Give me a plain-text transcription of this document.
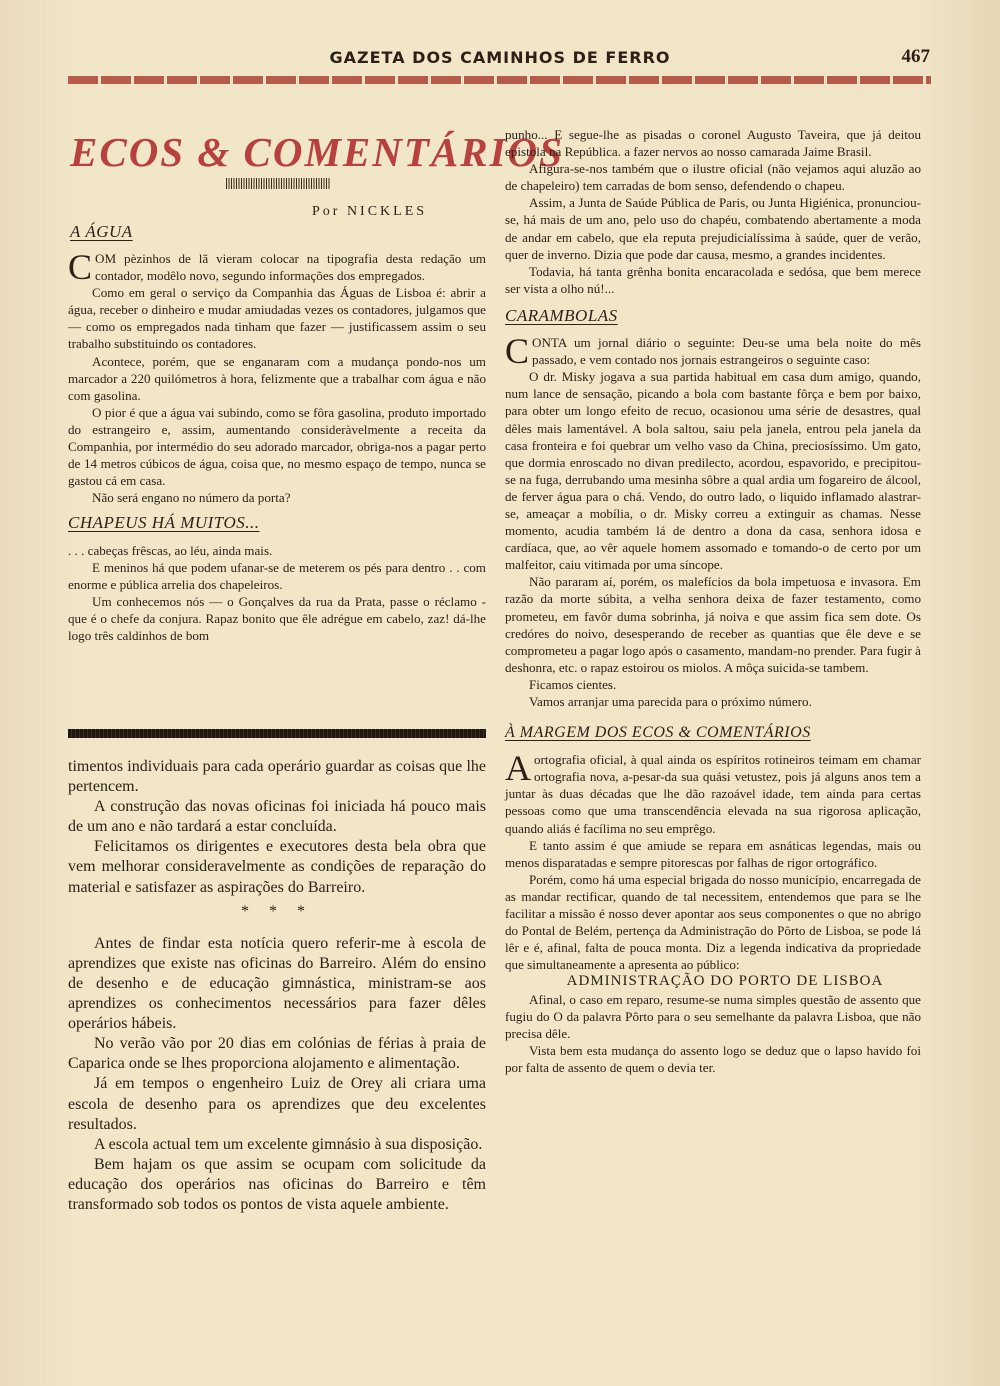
GAZETA DOS CAMINHOS DE FERRO	467
ECOS & COMENTÁRIOS
Por NICKLES
A ÁGUA

COM pèzinhos de lã vieram colocar na tipografia desta redação um contador, modêlo novo, segundo informações dos empregados.

Como em geral o serviço da Companhia das Águas de Lisboa é: abrir a água, receber o dinheiro e mudar amiudadas vezes os contadores, julgamos que — como os empregados nada tinham que fazer — justificassem assim o seu trabalho substituindo os contadores.

Acontece, porém, que se enganaram com a mudança pondo-nos um marcador a 220 quilómetros à hora, felizmente que a trabalhar com água e não com gasolina.

O pior é que a água vai subindo, como se fôra gasolina, produto importado do estrangeiro e, assim, aumentando consideràvelmente a receita da Companhia, por intermédio do seu adorado marcador, obriga-nos a pagar perto de 14 metros cúbicos de água, coisa que, no mesmo espaço de tempo, nunca se gastou cá em casa.

Não será engano no número da porta?

CHAPEUS HÁ MUITOS...

. . . cabeças frêscas, ao léu, ainda mais.

E meninos há que podem ufanar-se de meterem os pés para dentro . . com enorme e pública arrelia dos chapeleiros.

Um conhecemos nós — o Gonçalves da rua da Prata, passe o réclamo - que é o chefe da conjura. Rapaz bonito que êle adrégue em cabelo, zaz! dá-lhe logo três caldinhos de bom

timentos individuais para cada operário guardar as coisas que lhe pertencem.

A construção das novas oficinas foi iniciada há pouco mais de um ano e não tardará a estar concluída.

Felicitamos os dirigentes e executores desta bela obra que vem melhorar consideravelmente as condições de reparação do material e satisfazer as aspirações do Barreiro.

* * *

Antes de findar esta notícia quero referir-me à escola de aprendizes que existe nas oficinas do Barreiro. Além do ensino de desenho e de educação gimnástica, ministram-se aos aprendizes os conhecimentos necessários para fazer dêles operários hábeis.

No verão vão por 20 dias em colónias de férias à praia de Caparica onde se lhes proporciona alojamento e alimentação.

Já em tempos o engenheiro Luiz de Orey ali criara uma escola de desenho para os aprendizes que deu excelentes resultados.

A escola actual tem um excelente gimnásio à sua disposição.

Bem hajam os que assim se ocupam com solicitude da educação dos operários nas oficinas do Barreiro e têm transformado sob todos os pontos de vista aquele ambiente.

punho... E segue-lhe as pisadas o coronel Augusto Taveira, que já deitou epistola na República. a fazer nervos ao nosso camarada Jaime Brasil.

Afigura-se-nos também que o ilustre oficial (não vejamos aqui aluzão ao de chapeleiro) tem carradas de bom senso, defendendo o chapeu.

Assim, a Junta de Saúde Pública de Paris, ou Junta Higiénica, pronunciou-se, há mais de um ano, pelo uso do chapéu, combatendo abertamente a moda de andar em cabelo, que ela reputa prejudicialíssima à saúde, quer de verão, quer de inverno. Dizia que pode dar causa, mesmo, a grandes incidentes.

Todavia, há tanta grênha bonita encaracolada e sedósa, que bem merece ser vista a olho nú!...

CARAMBOLAS

CONTA um jornal diário o seguinte: Deu-se uma bela noite do mês passado, e vem contado nos jornais estrangeiros o seguinte caso:

O dr. Misky jogava a sua partida habitual em casa dum amigo, quando, num lance de sensação, picando a bola com bastante fôrça e bem por baixo, para obter um longo efeito de recuo, ocasionou uma série de desastres, qual dêles mais lamentável. A bola saltou, saiu pela janela, entrou pela janela da casa fronteira e foi quebrar um velho vaso da China, preciosíssimo. Um gato, que dormia enroscado no divan predilecto, acordou, espavorido, e precipitou-se na fuga, derrubando uma mesinha sôbre a qual ardia um fogareiro de álcool, de ferver água para o chá. Vendo, do outro lado, o liquido inflamado alastrar-se, ameaçar a mobília, o dr. Misky correu a extinguir as chamas. Nesse momento, acudia também lá de dentro a dona da casa, senhora idosa e cardíaca, que, ao vêr aquele homem assomado e tomando-o de certo por um malfeitor, caiu vitimada por uma síncope.

Não pararam aí, porém, os malefícios da bola impetuosa e invasora. Em razão da morte súbita, a velha senhora deixa de fazer testamento, como prometeu, em favôr duma sobrinha, já noiva e que assim fica sem dote. Os credóres do noivo, desesperando de receber as quantias que êle deve e se comprometeu a pagar logo após o casamento, mandam-no prender. Para fugir à deshonra, etc. o rapaz estoirou os miolos. A môça suicida-se tambem.

Ficamos cientes.

Vamos arranjar uma parecida para o próximo número.

À MARGEM DOS ECOS & COMENTÁRIOS

Aortografia oficial, à qual ainda os espíritos rotineiros teimam em chamar ortografia nova, a-pesar-da sua quási vetustez, pois já alguns anos tem a juntar às duas décadas que lhe dão razoável idade, tem ainda para certas pessoas como que uma transcendência elevada na sua rigorosa aplicação, quando aliás é facílima no seu emprêgo.

E tanto assim é que amiude se repara em asnáticas legendas, mais ou menos disparatadas e sempre pitorescas por falhas de rigor ortográfico.

Porém, como há uma especial brigada do nosso município, encarregada de as mandar rectificar, quando de tal necessitem, entendemos que para se lhe facilitar a missão é nosso dever apontar aos seus componentes o que no abrigo do Pontal de Belém, pertença da Administração do Pôrto de Lisboa, se pode lá lêr e é, afinal, falta de pouca monta. Diz a legenda indicativa da propriedade que simultaneamente a apresenta ao público:

ADMINISTRAÇÃO DO PORTO DE LISBOA

Afinal, o caso em reparo, resume-se numa simples questão de assento que fugiu do O da palavra Pôrto para o seu semelhante da palavra Lisboa, que não precisa dêle.

Vista bem esta mudança do assento logo se deduz que o lapso havido foi por falta de assento de quem o devia ter.
